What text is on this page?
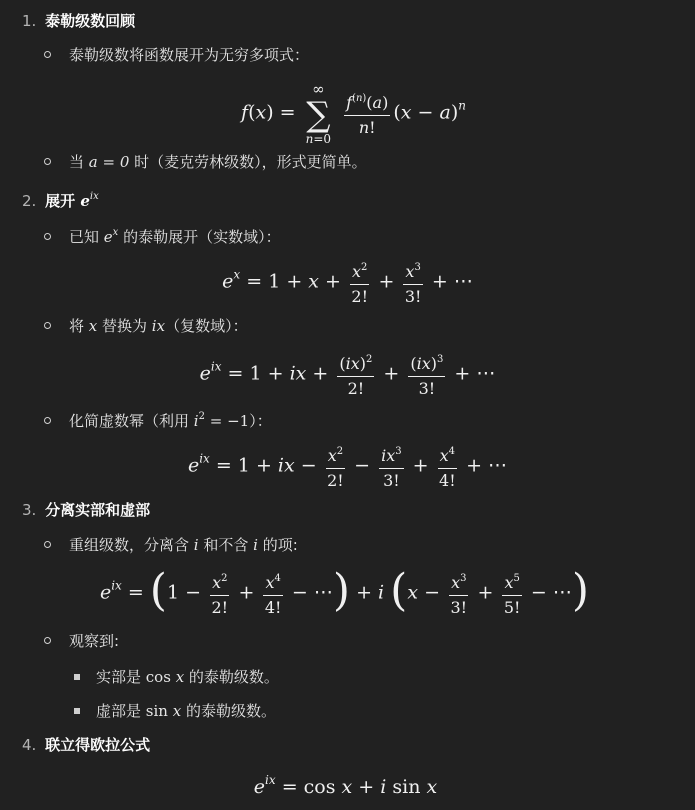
1. 泰勒级数回顾
泰勒级数将函数展开为无穷多项式：
f(x) =
∞
∑
n=0

$\frac{f^{(n)}(a)}{n!} (x - a)^n$
当 a = 0 时（麦克劳林级数），形式更简单。
2. 展开 $e^{ix}$
已知 $e^x$ 的泰勒展开（实数域）：
$e^x = 1 + x + \frac{x^2}{2!} + \frac{x^3}{3!}$ + ⋯
将 x 替换为 ix（复数域）：
$e^{ix} = 1$ + ix + $\frac{(ix)^2}{2!} + \frac{(ix)^3}{3!}$ + ⋯
化简虚数幂（利用 $i^2 = -1$）：
$e^{ix} = 1$ + ix − $\frac{x^2}{2!} - \frac{ix^3}{3!} + \frac{x^4}{4!}$ + ⋯
3. 分离实部和虚部
重组级数，分离含 i 和不含 i 的项:
$e^{ix} = (1 - \frac{x^2}{2!} + \frac{x^4}{4!}$ − ⋯) + i ($x - \frac{x^3}{3!} + \frac{x^5}{5!}$ − ⋯)
观察到:
实部是 cos x 的泰勒级数。
虚部是 sin x 的泰勒级数。
4. 联立得欧拉公式
$e^{ix} = \cos x + i$ sin x
